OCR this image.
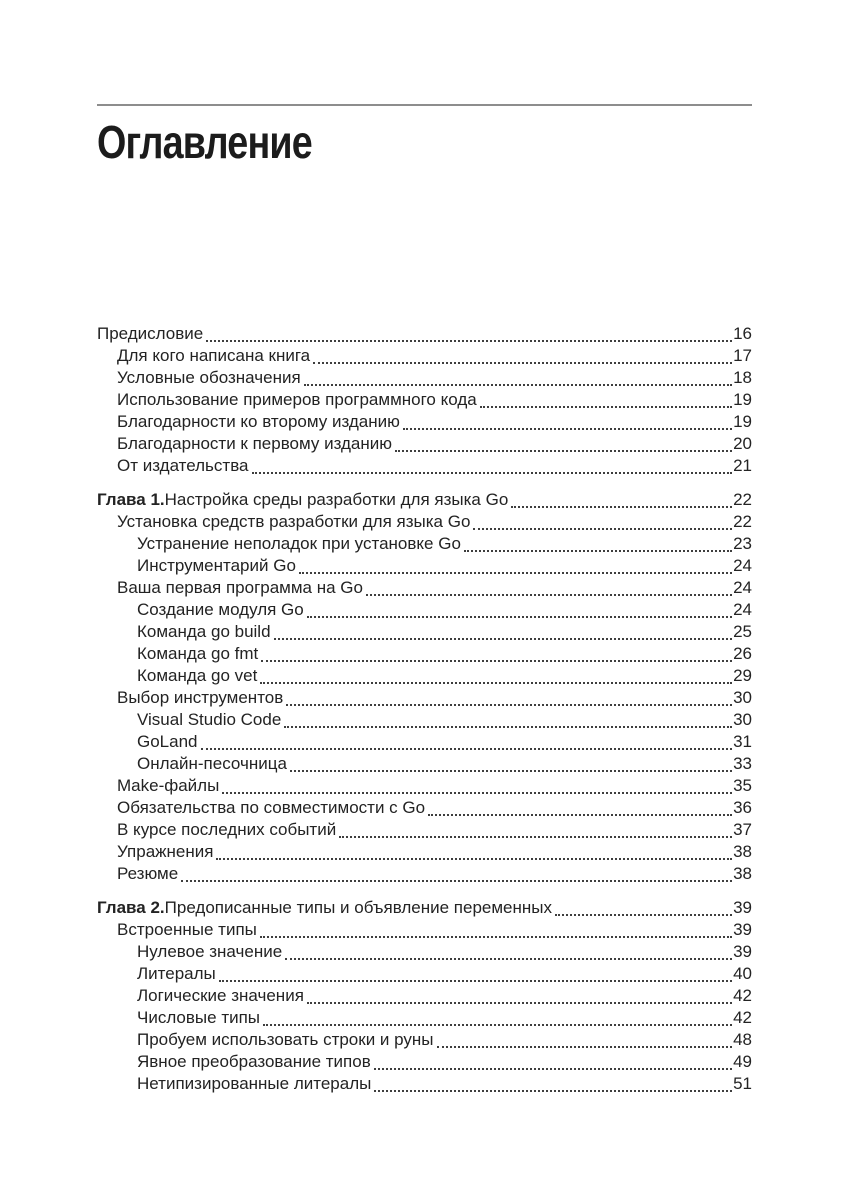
Оглавление
Предисловие	16
Для кого написана книга	17
Условные обозначения	18
Использование примеров программного кода	19
Благодарности ко второму изданию	19
Благодарности к первому изданию	20
От издательства	21
Глава 1. Настройка среды разработки для языка Go	22
Установка средств разработки для языка Go	22
Устранение неполадок при установке Go	23
Инструментарий Go	24
Ваша первая программа на Go	24
Создание модуля Go	24
Команда go build	25
Команда go fmt	26
Команда go vet	29
Выбор инструментов	30
Visual Studio Code	30
GoLand	31
Онлайн-песочница	33
Make-файлы	35
Обязательства по совместимости с Go	36
В курсе последних событий	37
Упражнения	38
Резюме	38
Глава 2. Предописанные типы и объявление переменных	39
Встроенные типы	39
Нулевое значение	39
Литералы	40
Логические значения	42
Числовые типы	42
Пробуем использовать строки и руны	48
Явное преобразование типов	49
Нетипизированные литералы	51
